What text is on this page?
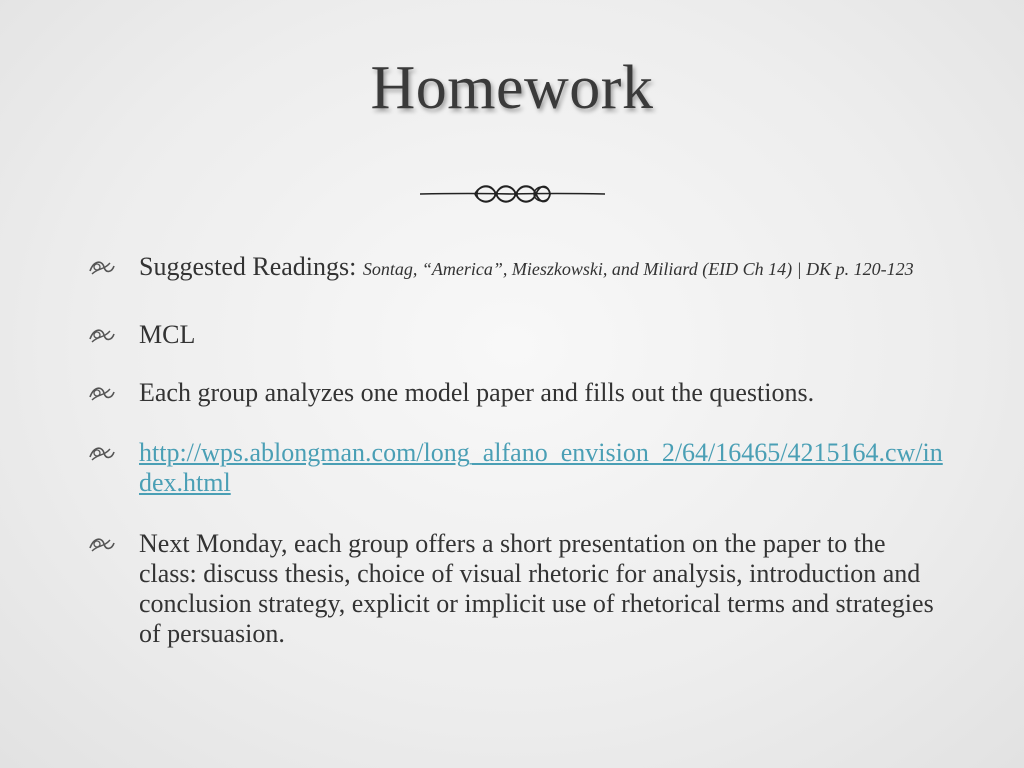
Homework
Suggested Readings: Sontag, “America”, Mieszkowski, and Miliard (EID Ch 14) | DK p. 120-123
MCL
Each group analyzes one model paper and fills out the questions.
http://wps.ablongman.com/long_alfano_envision_2/64/16465/4215164.cw/index.html
Next Monday, each group offers a short presentation on the paper to the class: discuss thesis, choice of visual rhetoric for analysis, introduction and conclusion strategy, explicit or implicit use of rhetorical terms and strategies of persuasion.
